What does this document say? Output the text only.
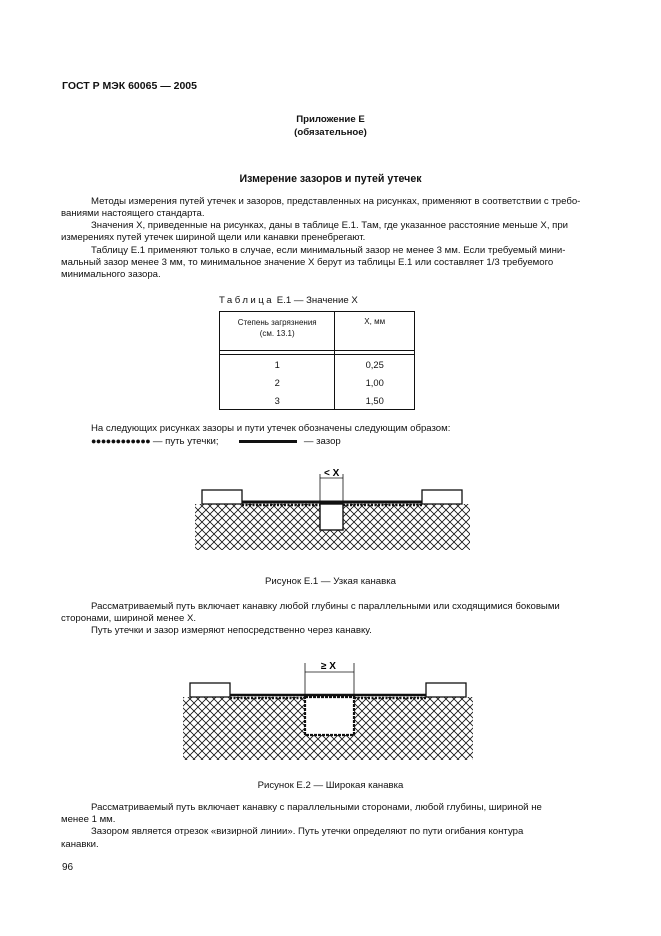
ГОСТ Р МЭК 60065 — 2005
Приложение Е
(обязательное)
Измерение зазоров и путей утечек
Методы измерения путей утечек и зазоров, представленных на рисунках, применяют в соответствии с требо-
ваниями настоящего стандарта.
Значения X, приведенные на рисунках, даны в таблице Е.1. Там, где указанное расстояние меньше X, при
измерениях путей утечек шириной щели или канавки пренебрегают.
Таблицу Е.1 применяют только в случае, если минимальный зазор не менее 3 мм. Если требуемый мини-
мальный зазор менее 3 мм, то минимальное значение X берут из таблицы Е.1 или составляет 1/3 требуемого
минимального зазора.
Таблица Е.1 — Значение X
Степень загрязнения
(см. 13.1)	X, мм

1	0,25
2	1,00
3	1,50
На следующих рисунках зазоры и пути утечек обозначены следующим образом:
●●●●●●●●●●●● — путь утечки;	— зазор
< X
Рисунок Е.1 — Узкая канавка
Рассматриваемый путь включает канавку любой глубины с параллельными или сходящимися боковыми
сторонами, шириной менее X.
Путь утечки и зазор измеряют непосредственно через канавку.
≥ X
Рисунок Е.2 — Широкая канавка
Рассматриваемый путь включает канавку с параллельными сторонами, любой глубины, шириной не
менее 1 мм.
Зазором является отрезок «визирной линии». Путь утечки определяют по пути огибания контура
канавки.
96
